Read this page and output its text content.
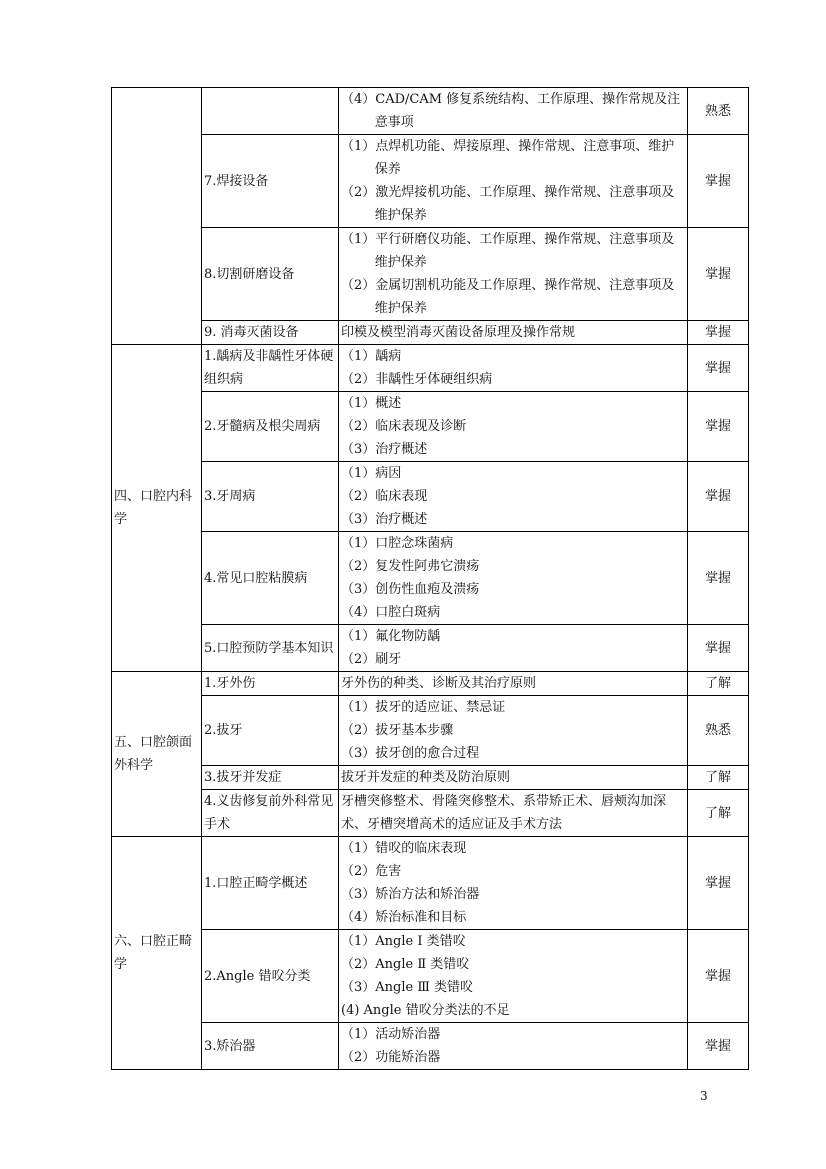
		（4）CAD/CAM 修复系统结构、工作原理、操作常规及注意事项	熟悉
	7.焊接设备	（1）点焊机功能、焊接原理、操作常规、注意事项、维护保养
（2）激光焊接机功能、工作原理、操作常规、注意事项及维护保养	掌握
	8.切割研磨设备	（1）平行研磨仪功能、工作原理、操作常规、注意事项及维护保养
（2）金属切割机功能及工作原理、操作常规、注意事项及维护保养	掌握
	9. 消毒灭菌设备	印模及模型消毒灭菌设备原理及操作常规	掌握
四、口腔内科学	1.龋病及非龋性牙体硬组织病	（1）龋病
（2）非龋性牙体硬组织病	掌握
	2.牙髓病及根尖周病	（1）概述
（2）临床表现及诊断
（3）治疗概述	掌握
	3.牙周病	（1）病因
（2）临床表现
（3）治疗概述	掌握
	4.常见口腔粘膜病	（1）口腔念珠菌病
（2）复发性阿弗它溃疡
（3）创伤性血疱及溃疡
（4）口腔白斑病	掌握
	5.口腔预防学基本知识	（1）氟化物防龋
（2）刷牙	掌握
五、口腔颌面外科学	1.牙外伤	牙外伤的种类、诊断及其治疗原则	了解
	2.拔牙	（1）拔牙的适应证、禁忌证
（2）拔牙基本步骤
（3）拔牙创的愈合过程	熟悉
	3.拔牙并发症	拔牙并发症的种类及防治原则	了解
	4.义齿修复前外科常见手术	牙槽突修整术、骨隆突修整术、系带矫正术、唇颊沟加深术、牙槽突增高术的适应证及手术方法	了解
六、口腔正畸学	1.口腔正畸学概述	（1）错㕮的临床表现
（2）危害
（3）矫治方法和矫治器
（4）矫治标准和目标	掌握
	2.Angle 错㕮分类	（1）Angle Ⅰ 类错㕮
（2）Angle Ⅱ 类错㕮
（3）Angle Ⅲ 类错㕮
(4) Angle 错㕮分类法的不足	掌握
	3.矫治器	（1）活动矫治器
（2）功能矫治器	掌握
3
